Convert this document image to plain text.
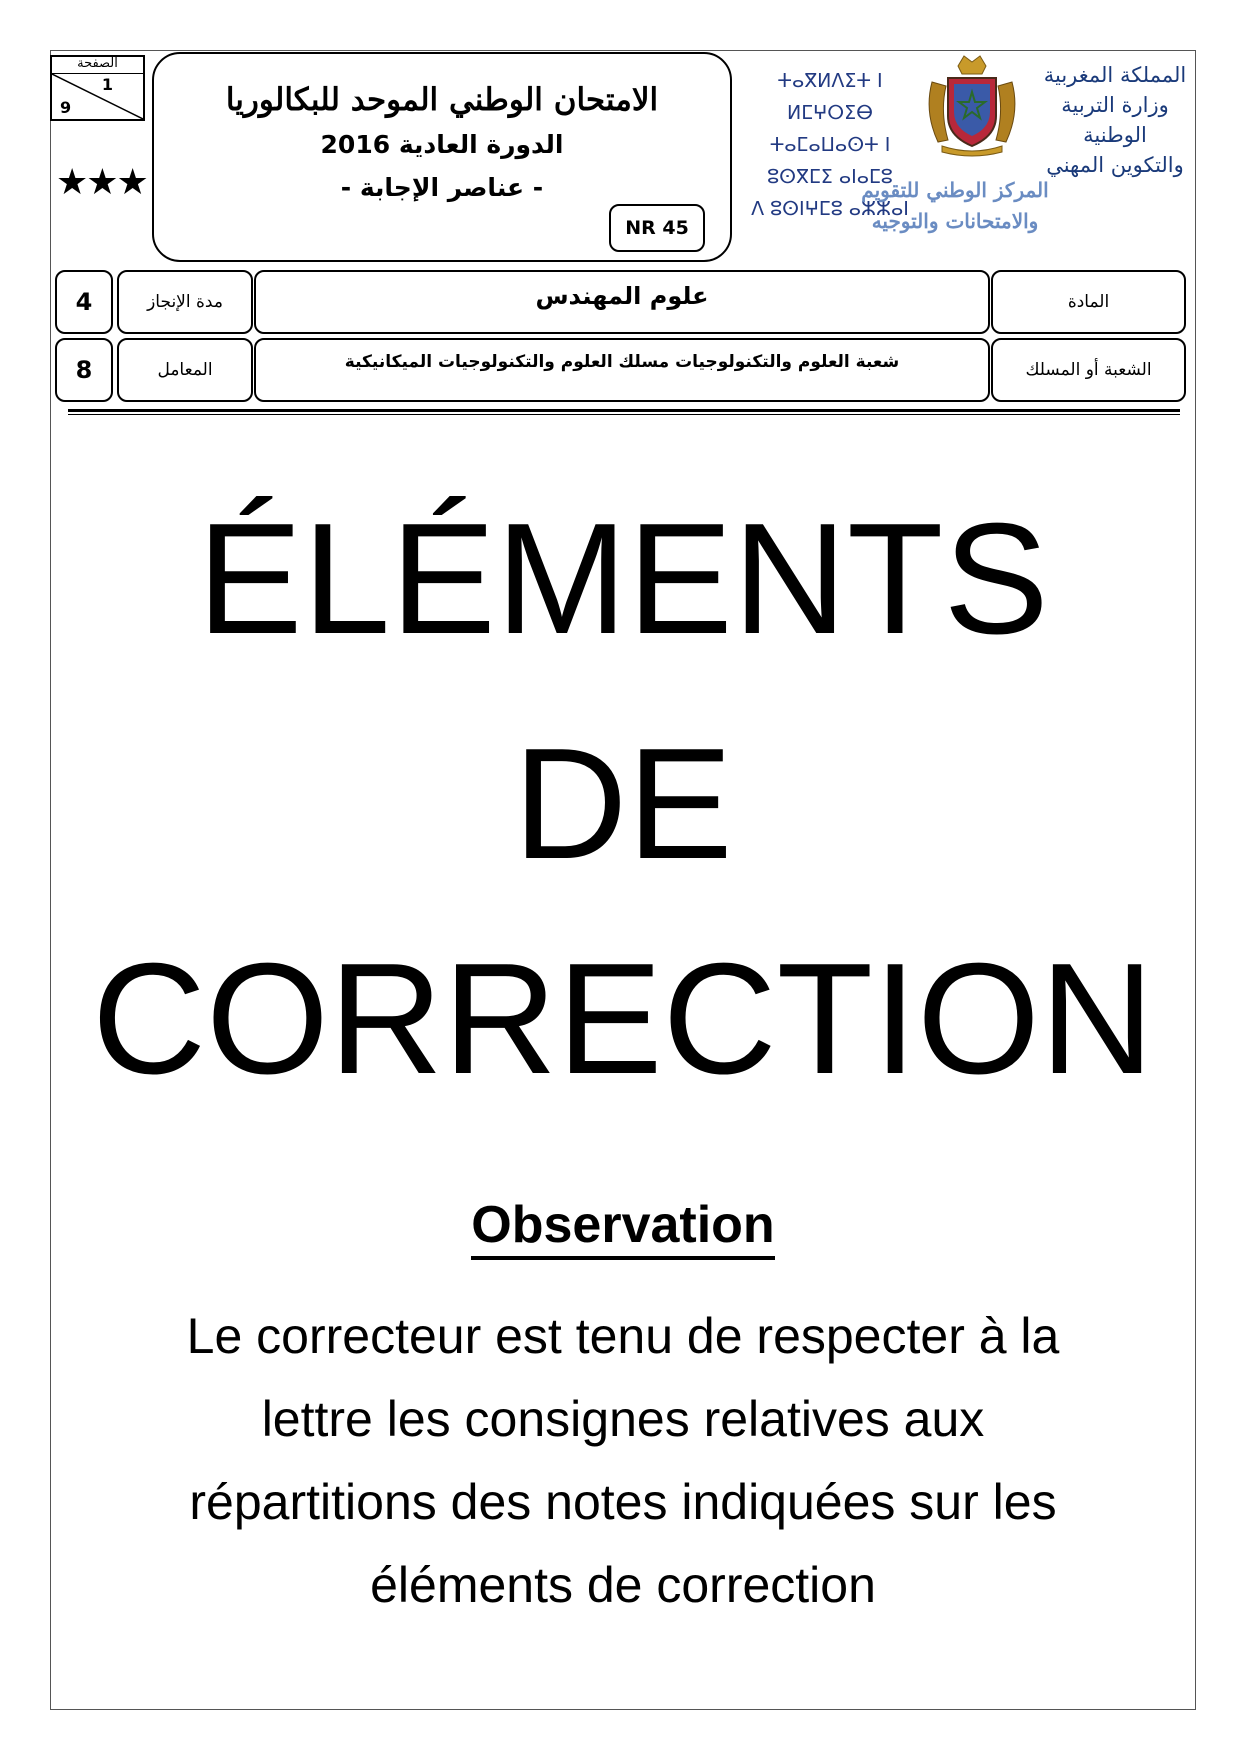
الصفحة
1
9
★★★
الامتحان الوطني الموحد للبكالوريا
الدورة العادية 2016
- عناصر الإجابة -
NR 45
ⵜⴰⴳⵍⴷⵉⵜ ⵏ ⵍⵎⵖⵔⵉⴱ
ⵜⴰⵎⴰⵡⴰⵙⵜ ⵏ ⵓⵙⴳⵎⵉ ⴰⵏⴰⵎⵓ
ⴷ ⵓⵙⵏⵖⵎⵓ ⴰⵣⵣⴰⵏ
المملكة المغربية
وزارة التربية الوطنية
والتكوين المهني
المركز الوطني للتقويم
والامتحانات والتوجيه
4	مدة الإنجاز	علوم المهندس	المادة
8	المعامل	شعبة العلوم والتكنولوجيات مسلك العلوم والتكنولوجيات الميكانيكية	الشعبة أو المسلك
ÉLÉMENTS
DE
CORRECTION
Observation
Le correcteur est tenu de respecter à la
lettre les consignes relatives aux
répartitions des notes indiquées sur les
éléments de correction
